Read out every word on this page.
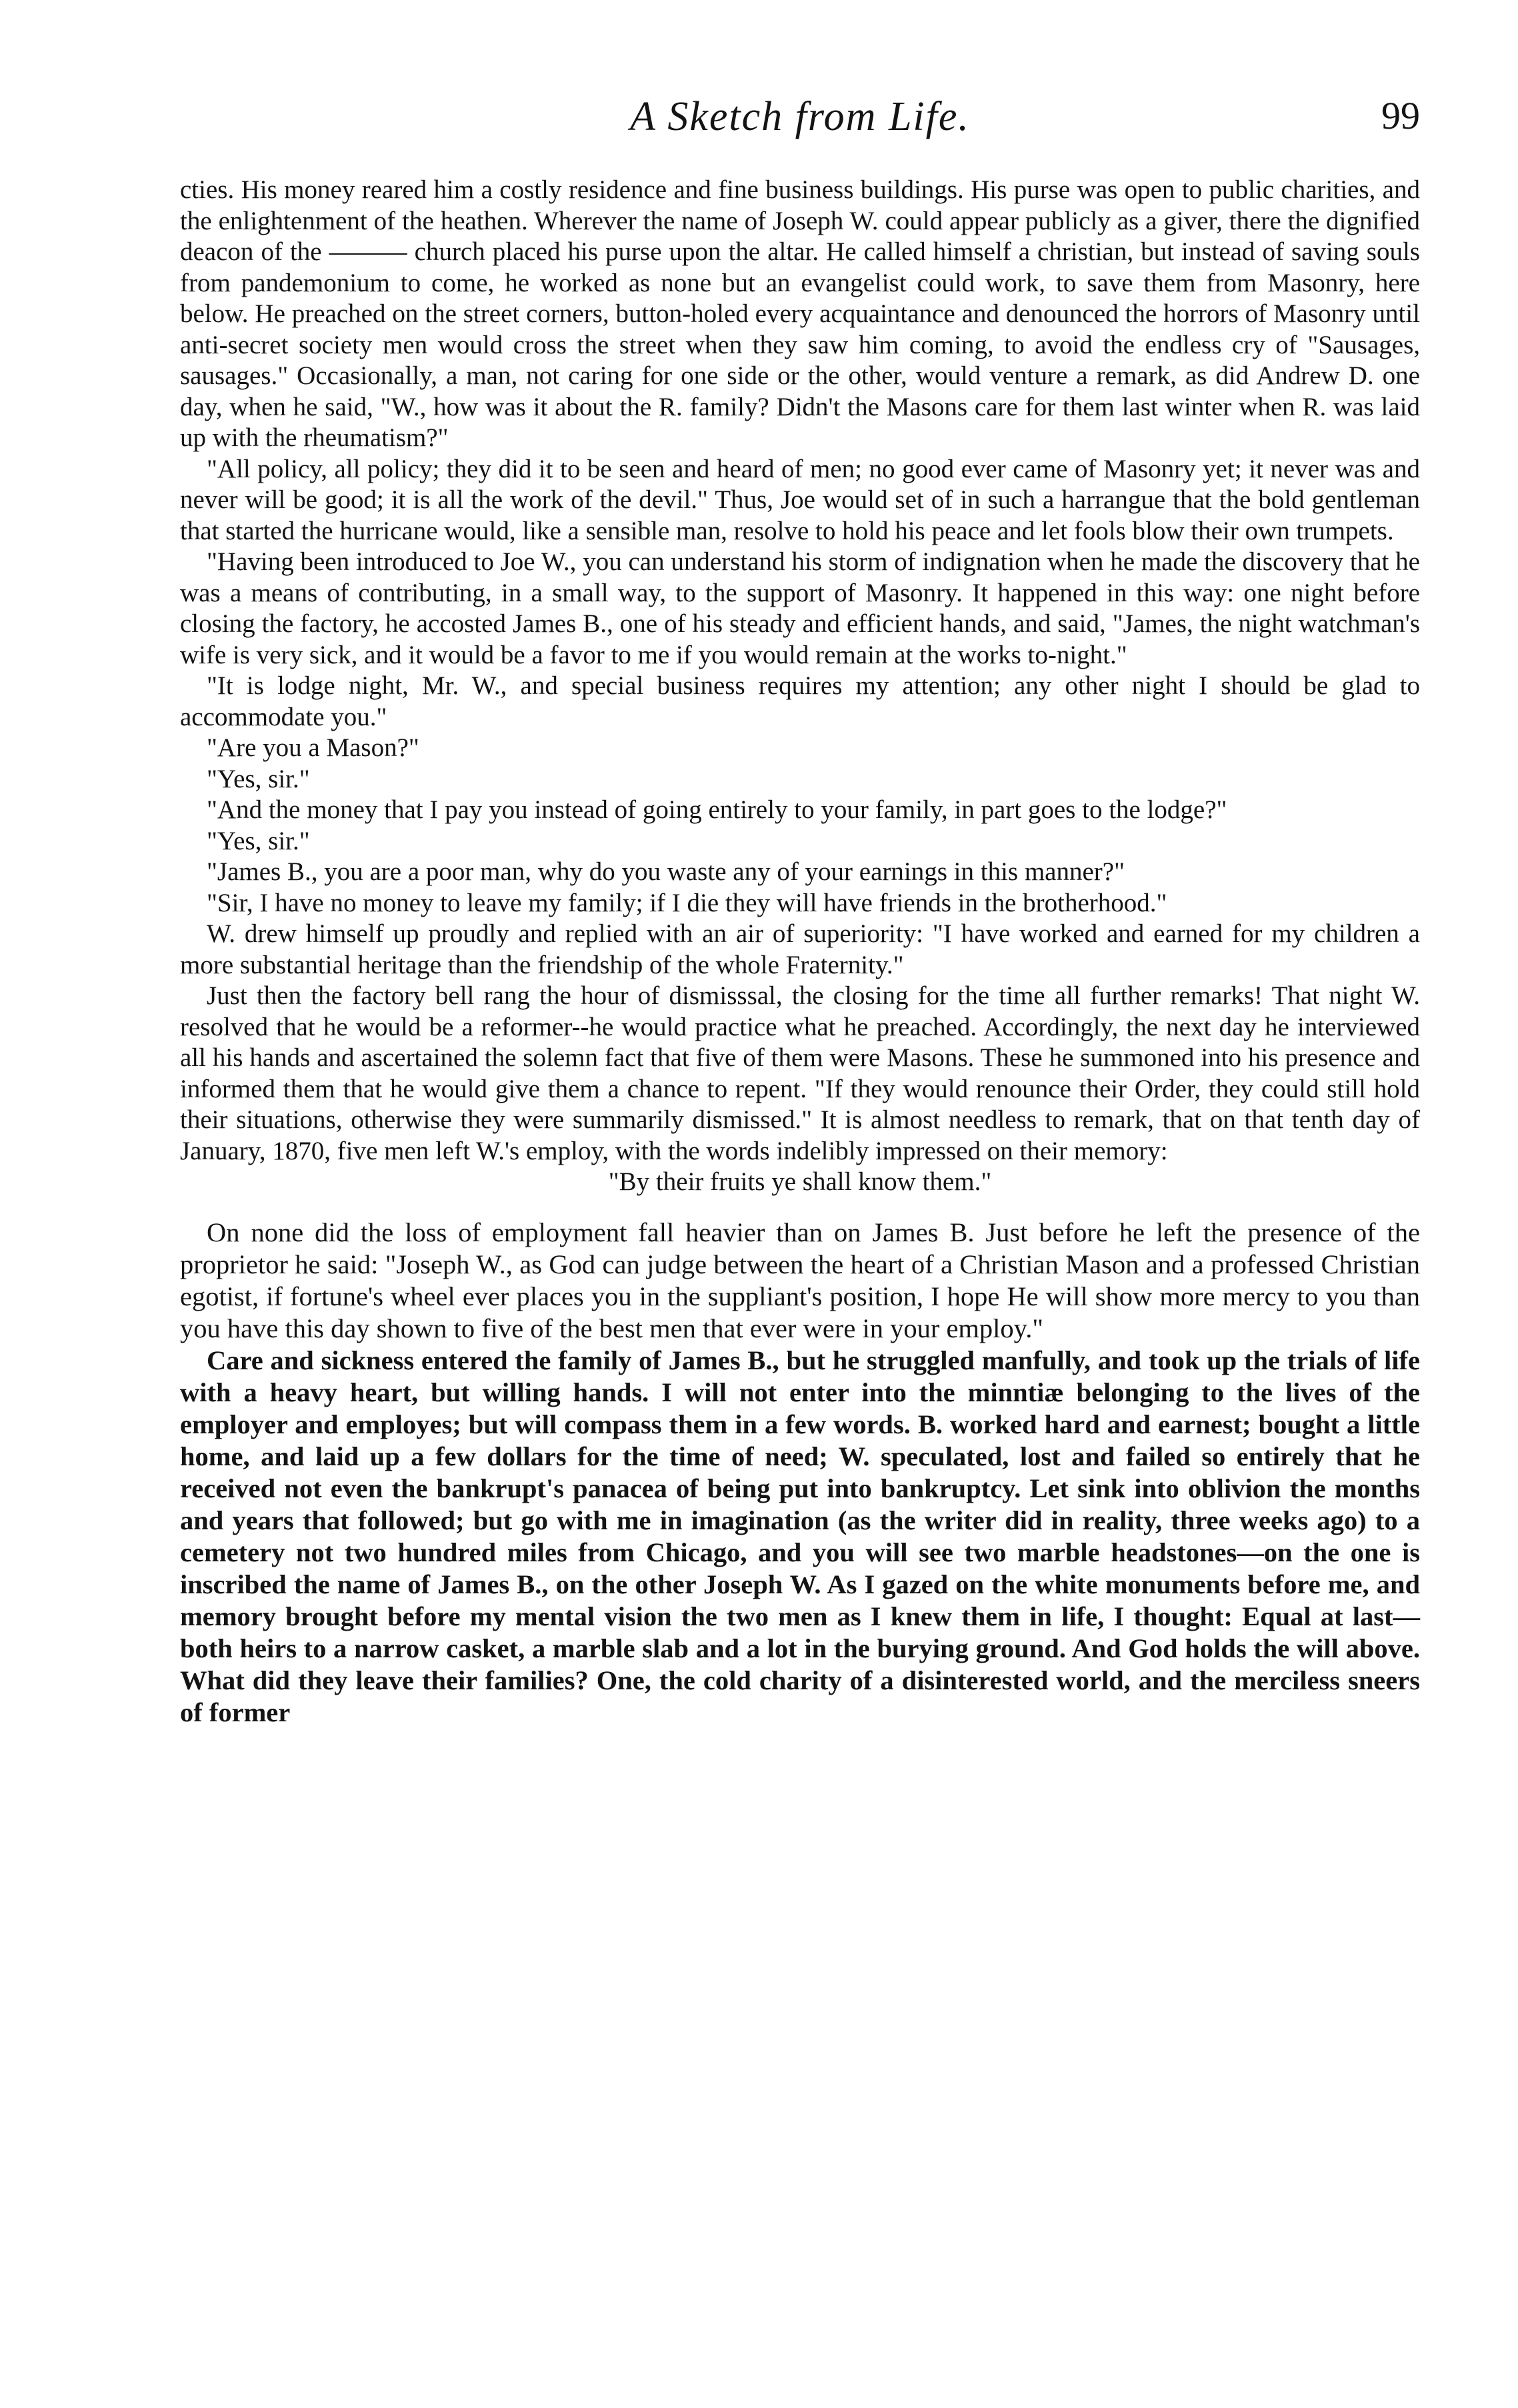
A Sketch from Life.	99

cties. His money reared him a costly residence and fine business buildings. His purse was open to public charities, and the enlightenment of the heathen. Wherever the name of Joseph W. could appear publicly as a giver, there the dignified deacon of the ——— church placed his purse upon the altar. He called himself a christian, but instead of saving souls from pandemonium to come, he worked as none but an evangelist could work, to save them from Masonry, here below. He preached on the street corners, button-holed every acquaintance and denounced the horrors of Masonry until anti-secret society men would cross the street when they saw him coming, to avoid the endless cry of "Sausages, sausages." Occasionally, a man, not caring for one side or the other, would venture a remark, as did Andrew D. one day, when he said, "W., how was it about the R. family? Didn't the Masons care for them last winter when R. was laid up with the rheumatism?"

"All policy, all policy; they did it to be seen and heard of men; no good ever came of Masonry yet; it never was and never will be good; it is all the work of the devil." Thus, Joe would set of in such a harrangue that the bold gentleman that started the hurricane would, like a sensible man, resolve to hold his peace and let fools blow their own trumpets.

"Having been introduced to Joe W., you can understand his storm of indignation when he made the discovery that he was a means of contributing, in a small way, to the support of Masonry. It happened in this way: one night before closing the factory, he accosted James B., one of his steady and efficient hands, and said, "James, the night watchman's wife is very sick, and it would be a favor to me if you would remain at the works to-night."

"It is lodge night, Mr. W., and special business requires my attention; any other night I should be glad to accommodate you."

"Are you a Mason?"

"Yes, sir."

"And the money that I pay you instead of going entirely to your family, in part goes to the lodge?"

"Yes, sir."

"James B., you are a poor man, why do you waste any of your earnings in this manner?"

"Sir, I have no money to leave my family; if I die they will have friends in the brotherhood."

W. drew himself up proudly and replied with an air of superiority: "I have worked and earned for my children a more substantial heritage than the friendship of the whole Fraternity."

Just then the factory bell rang the hour of dismisssal, the closing for the time all further remarks! That night W. resolved that he would be a reformer--he would practice what he preached. Accordingly, the next day he interviewed all his hands and ascertained the solemn fact that five of them were Masons. These he summoned into his presence and informed them that he would give them a chance to repent. "If they would renounce their Order, they could still hold their situations, otherwise they were summarily dismissed." It is almost needless to remark, that on that tenth day of January, 1870, five men left W.'s employ, with the words indelibly impressed on their memory:

"By their fruits ye shall know them."

On none did the loss of employment fall heavier than on James B. Just before he left the presence of the proprietor he said: "Joseph W., as God can judge between the heart of a Christian Mason and a professed Christian egotist, if fortune's wheel ever places you in the suppliant's position, I hope He will show more mercy to you than you have this day shown to five of the best men that ever were in your employ."

Care and sickness entered the family of James B., but he struggled manfully, and took up the trials of life with a heavy heart, but willing hands. I will not enter into the minntiæ belonging to the lives of the employer and employes; but will compass them in a few words. B. worked hard and earnest; bought a little home, and laid up a few dollars for the time of need; W. speculated, lost and failed so entirely that he received not even the bankrupt's panacea of being put into bankruptcy. Let sink into oblivion the months and years that followed; but go with me in imagination (as the writer did in reality, three weeks ago) to a cemetery not two hundred miles from Chicago, and you will see two marble headstones—on the one is inscribed the name of James B., on the other Joseph W. As I gazed on the white monuments before me, and memory brought before my mental vision the two men as I knew them in life, I thought: Equal at last—both heirs to a narrow casket, a marble slab and a lot in the burying ground. And God holds the will above. What did they leave their families? One, the cold charity of a disinterested world, and the merciless sneers of former
